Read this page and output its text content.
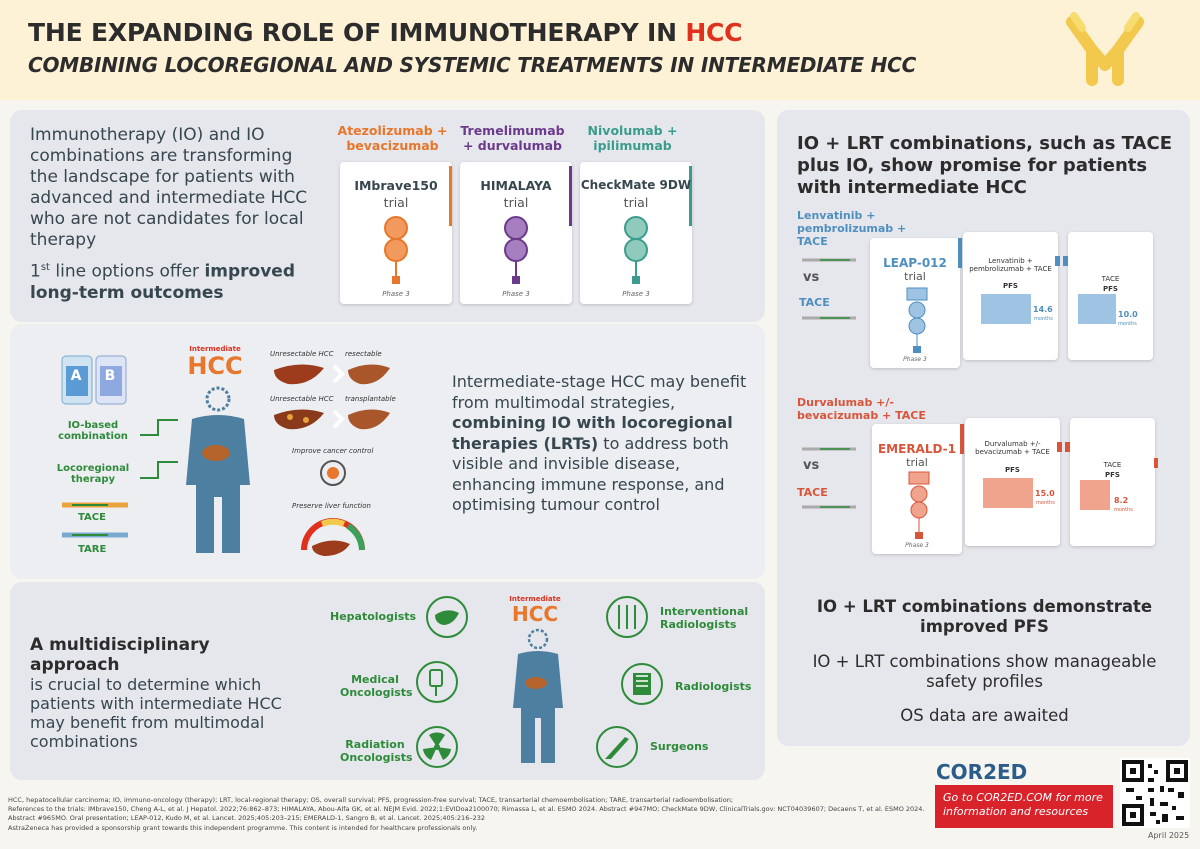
THE EXPANDING ROLE OF IMMUNOTHERAPY IN HCC
COMBINING LOCOREGIONAL AND SYSTEMIC TREATMENTS IN INTERMEDIATE HCC
Immunotherapy (IO) and IO combinations are transforming the landscape for patients with advanced and intermediate HCC who are not candidates for local therapy
1st line options offer improved long-term outcomes
Atezolizumab + bevacizumab
Tremelimumab + durvalumab
Nivolumab + ipilimumab
IMbrave150
trial
Phase 3
HIMALAYA
trial
Phase 3
CheckMate 9DW
trial
Phase 3
A	B
IO-based combination
Locoregional therapy
TACE
TARE
Intermediate
HCC	Unresectable HCC resectable
Unresectable HCC transplantable
Improve cancer control
Preserve liver function
Intermediate-stage HCC may benefit from multimodal strategies, combining IO with locoregional therapies (LRTs) to address both visible and invisible disease, enhancing immune response, and optimising tumour control
A multidisciplinary approach
is crucial to determine which patients with intermediate HCC may benefit from multimodal combinations
Intermediate
HCC
Hepatologists
Medical Oncologists
Radiation Oncologists
Interventional Radiologists
Radiologists
Surgeons
IO + LRT combinations, such as TACE plus IO, show promise for patients with intermediate HCC
Lenvatinib + pembrolizumab + TACE
vs
TACE
LEAP-012
trial
Phase 3
Lenvatinib + pembrolizumab + TACE
PFS
14.6
months
TACE
PFS
10.0
months
Durvalumab +/- bevacizumab + TACE
vs
TACE
EMERALD-1
trial
Phase 3
Durvalumab +/- bevacizumab + TACE
PFS
15.0
months
TACE
PFS
8.2
months
IO + LRT combinations demonstrate improved PFS
IO + LRT combinations show manageable safety profiles
OS data are awaited
HCC, hepatocellular carcinoma; IO, immuno-oncology (therapy); LRT, local-regional therapy; OS, overall survival; PFS, progression-free survival; TACE, transarterial chemoembolisation; TARE, transarterial radioembolisation;
References to the trials: IMbrave150, Cheng A-L, et al. J Hepatol. 2022;76:862–873; HIMALAYA, Abou-Alfa GK, et al. NEJM Evid. 2022;1:EVIDoa2100070; Rimassa L, et al. ESMO 2024. Abstract #947MO; CheckMate 9DW, ClinicalTrials.gov: NCT04039607; Decaens T, et al. ESMO 2024. Abstract #965MO. Oral presentation; LEAP-012, Kudo M, et al. Lancet. 2025;405:203–215; EMERALD-1, Sangro B, et al. Lancet. 2025;405:216–232
AstraZeneca has provided a sponsorship grant towards this independent programme. This content is intended for healthcare professionals only.
COR2ED
Go to COR2ED.COM for more information and resources
April 2025
